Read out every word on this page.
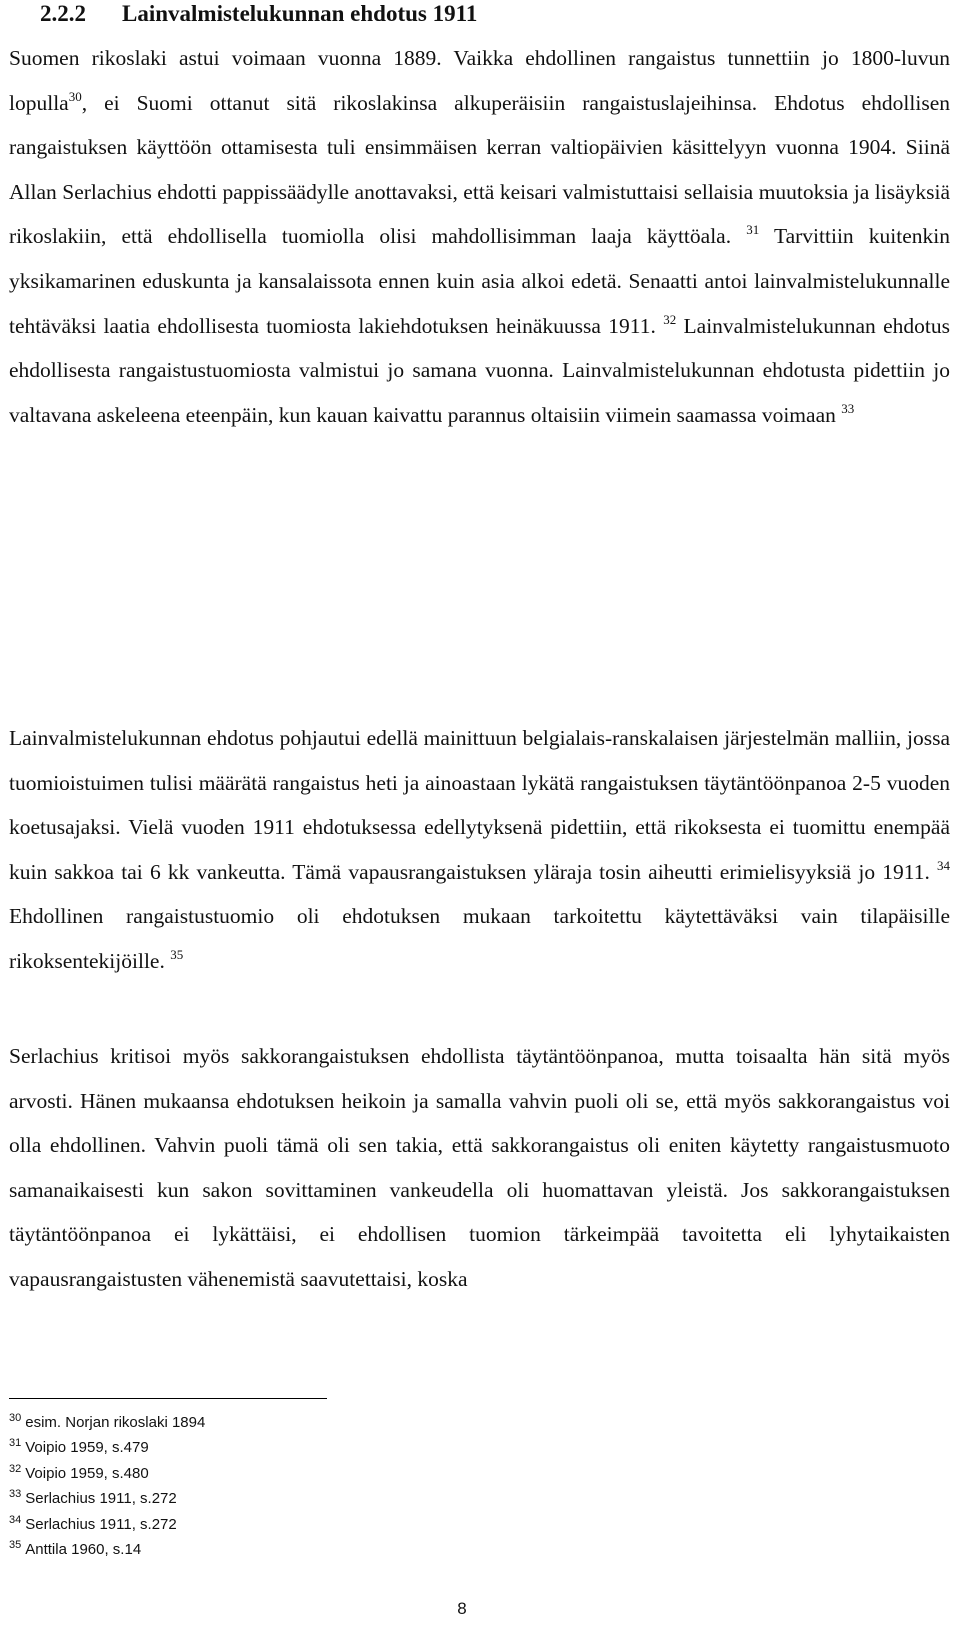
2.2.2 Lainvalmistelukunnan ehdotus 1911

Suomen rikoslaki astui voimaan vuonna 1889. Vaikka ehdollinen rangaistus tunnettiin jo 1800-luvun lopulla$^{30}$, ei Suomi ottanut sitä rikoslakinsa alkuperäisiin rangaistuslajeihinsa. Ehdotus ehdollisen rangaistuksen käyttöön ottamisesta tuli ensimmäisen kerran valtiopäivien käsittelyyn vuonna 1904. Siinä Allan Serlachius ehdotti pappissäädylle anottavaksi, että keisari valmistuttaisi sellaisia muutoksia ja lisäyksiä rikoslakiin, että ehdollisella tuomiolla olisi mahdollisimman laaja käyttöala. $^{31}$ Tarvittiin kuitenkin yksikamarinen eduskunta ja kansalaissota ennen kuin asia alkoi edetä. Senaatti antoi lainvalmistelukunnalle tehtäväksi laatia ehdollisesta tuomiosta lakiehdotuksen heinäkuussa 1911. $^{32}$ Lainvalmistelukunnan ehdotus ehdollisesta rangaistustuomiosta valmistui jo samana vuonna. Lainvalmistelukunnan ehdotusta pidettiin jo valtavana askeleena eteenpäin, kun kauan kaivattu parannus oltaisiin viimein saamassa voimaan $^{33}$

Lainvalmistelukunnan ehdotus pohjautui edellä mainittuun belgialais-ranskalaisen järjestelmän malliin, jossa tuomioistuimen tulisi määrätä rangaistus heti ja ainoastaan lykätä rangaistuksen täytäntöönpanoa 2-5 vuoden koetusajaksi. Vielä vuoden 1911 ehdotuksessa edellytyksenä pidettiin, että rikoksesta ei tuomittu enempää kuin sakkoa tai 6 kk vankeutta. Tämä vapausrangaistuksen yläraja tosin aiheutti erimielisyyksiä jo 1911. $^{34}$ Ehdollinen rangaistustuomio oli ehdotuksen mukaan tarkoitettu käytettäväksi vain tilapäisille rikoksentekijöille. $^{35}$

Serlachius kritisoi myös sakkorangaistuksen ehdollista täytäntöönpanoa, mutta toisaalta hän sitä myös arvosti. Hänen mukaansa ehdotuksen heikoin ja samalla vahvin puoli oli se, että myös sakkorangaistus voi olla ehdollinen. Vahvin puoli tämä oli sen takia, että sakkorangaistus oli eniten käytetty rangaistusmuoto samanaikaisesti kun sakon sovittaminen vankeudella oli huomattavan yleistä. Jos sakkorangaistuksen täytäntöönpanoa ei lykättäisi, ei ehdollisen tuomion tärkeimpää tavoitetta eli lyhytaikaisten vapausrangaistusten vähenemistä saavutettaisi, koska

$^{30}$ esim. Norjan rikoslaki 1894
$^{31}$ Voipio 1959, s.479
$^{32}$ Voipio 1959, s.480
$^{33}$ Serlachius 1911, s.272
$^{34}$ Serlachius 1911, s.272
$^{35}$ Anttila 1960, s.14
8
